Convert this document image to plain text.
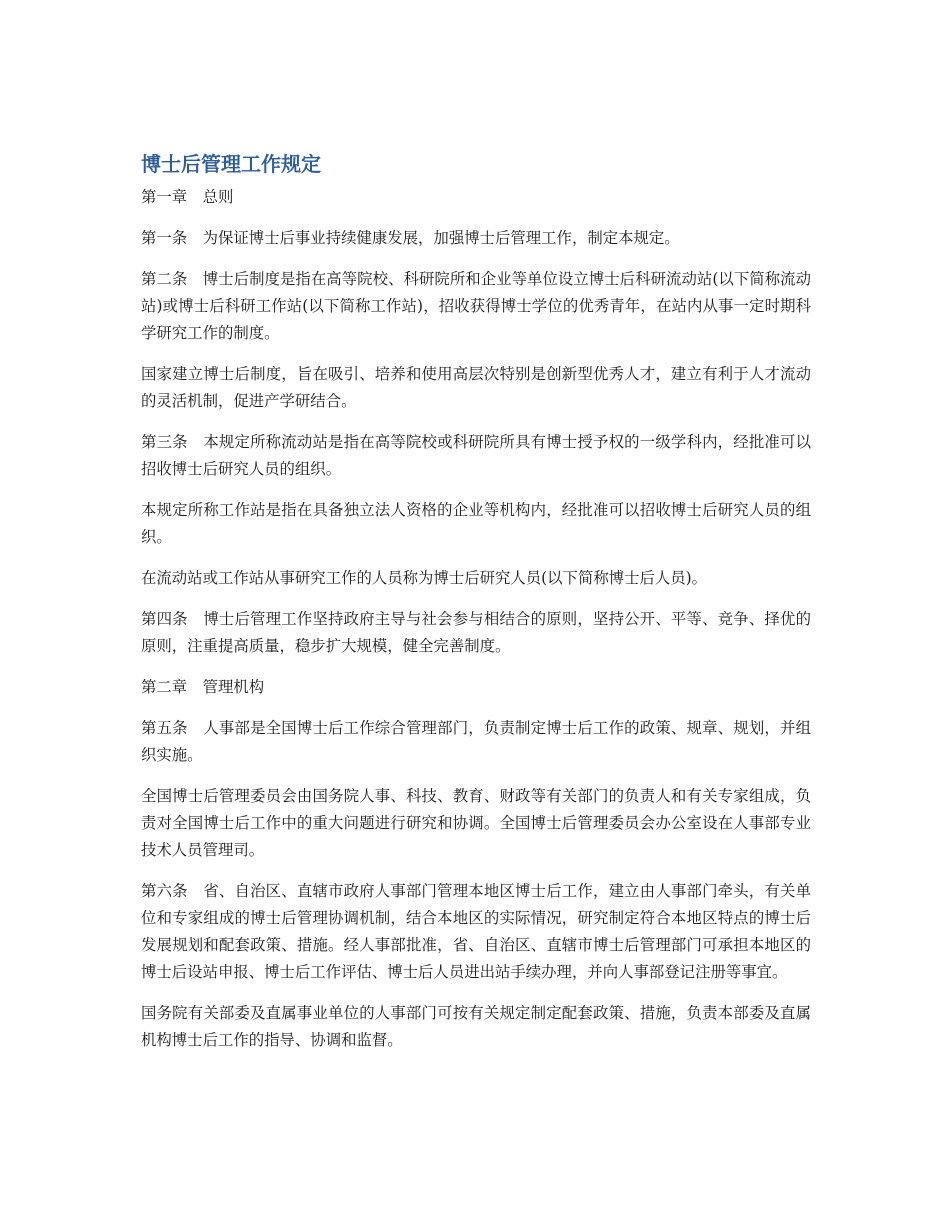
博士后管理工作规定

第一章　总则

第一条　为保证博士后事业持续健康发展，加强博士后管理工作，制定本规定。

第二条　博士后制度是指在高等院校、科研院所和企业等单位设立博士后科研流动站(以下简称流动站)或博士后科研工作站(以下简称工作站)，招收获得博士学位的优秀青年，在站内从事一定时期科学研究工作的制度。

国家建立博士后制度，旨在吸引、培养和使用高层次特别是创新型优秀人才，建立有利于人才流动的灵活机制，促进产学研结合。

第三条　本规定所称流动站是指在高等院校或科研院所具有博士授予权的一级学科内，经批准可以招收博士后研究人员的组织。

本规定所称工作站是指在具备独立法人资格的企业等机构内，经批准可以招收博士后研究人员的组织。

在流动站或工作站从事研究工作的人员称为博士后研究人员(以下简称博士后人员)。

第四条　博士后管理工作坚持政府主导与社会参与相结合的原则，坚持公开、平等、竞争、择优的原则，注重提高质量，稳步扩大规模，健全完善制度。

第二章　管理机构

第五条　人事部是全国博士后工作综合管理部门，负责制定博士后工作的政策、规章、规划，并组织实施。

全国博士后管理委员会由国务院人事、科技、教育、财政等有关部门的负责人和有关专家组成，负责对全国博士后工作中的重大问题进行研究和协调。全国博士后管理委员会办公室设在人事部专业技术人员管理司。

第六条　省、自治区、直辖市政府人事部门管理本地区博士后工作，建立由人事部门牵头，有关单位和专家组成的博士后管理协调机制，结合本地区的实际情况，研究制定符合本地区特点的博士后发展规划和配套政策、措施。经人事部批准，省、自治区、直辖市博士后管理部门可承担本地区的博士后设站申报、博士后工作评估、博士后人员进出站手续办理，并向人事部登记注册等事宜。

国务院有关部委及直属事业单位的人事部门可按有关规定制定配套政策、措施，负责本部委及直属机构博士后工作的指导、协调和监督。
